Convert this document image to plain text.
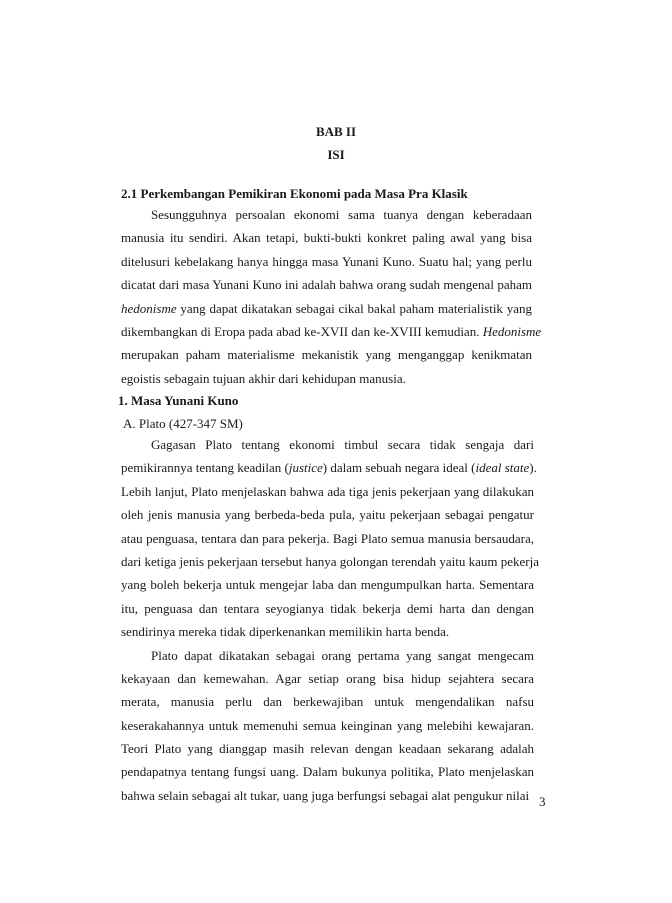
BAB II
ISI
2.1 Perkembangan Pemikiran Ekonomi pada Masa Pra Klasik
Sesungguhnya persoalan ekonomi sama tuanya dengan keberadaan
manusia itu sendiri. Akan tetapi, bukti-bukti konkret paling awal yang bisa
ditelusuri kebelakang hanya hingga masa Yunani Kuno. Suatu hal; yang perlu
dicatat dari masa Yunani Kuno ini adalah bahwa orang sudah mengenal paham
hedonisme yang dapat dikatakan sebagai cikal bakal paham materialistik yang
dikembangkan di Eropa pada abad ke-XVII dan ke-XVIII kemudian. Hedonisme
merupakan paham materialisme mekanistik yang menganggap kenikmatan
egoistis sebagain tujuan akhir dari kehidupan manusia.
1. Masa Yunani Kuno
A. Plato (427-347 SM)
Gagasan Plato tentang ekonomi timbul secara tidak sengaja dari
pemikirannya tentang keadilan (justice) dalam sebuah negara ideal (ideal state).
Lebih lanjut, Plato menjelaskan bahwa ada tiga jenis pekerjaan yang dilakukan
oleh jenis manusia yang berbeda-beda pula, yaitu pekerjaan sebagai pengatur
atau penguasa, tentara dan para pekerja. Bagi Plato semua manusia bersaudara,
dari ketiga jenis pekerjaan tersebut hanya golongan terendah yaitu kaum pekerja
yang boleh bekerja untuk mengejar laba dan mengumpulkan harta. Sementara
itu, penguasa dan tentara seyogianya tidak bekerja demi harta dan dengan
sendirinya mereka tidak diperkenankan memilikin harta benda.
Plato dapat dikatakan sebagai orang pertama yang sangat mengecam
kekayaan dan kemewahan. Agar setiap orang bisa hidup sejahtera secara
merata, manusia perlu dan berkewajiban untuk mengendalikan nafsu
keserakahannya untuk memenuhi semua keinginan yang melebihi kewajaran.
Teori Plato yang dianggap masih relevan dengan keadaan sekarang adalah
pendapatnya tentang fungsi uang. Dalam bukunya politika, Plato menjelaskan
bahwa selain sebagai alt tukar, uang juga berfungsi sebagai alat pengukur nilai 3
